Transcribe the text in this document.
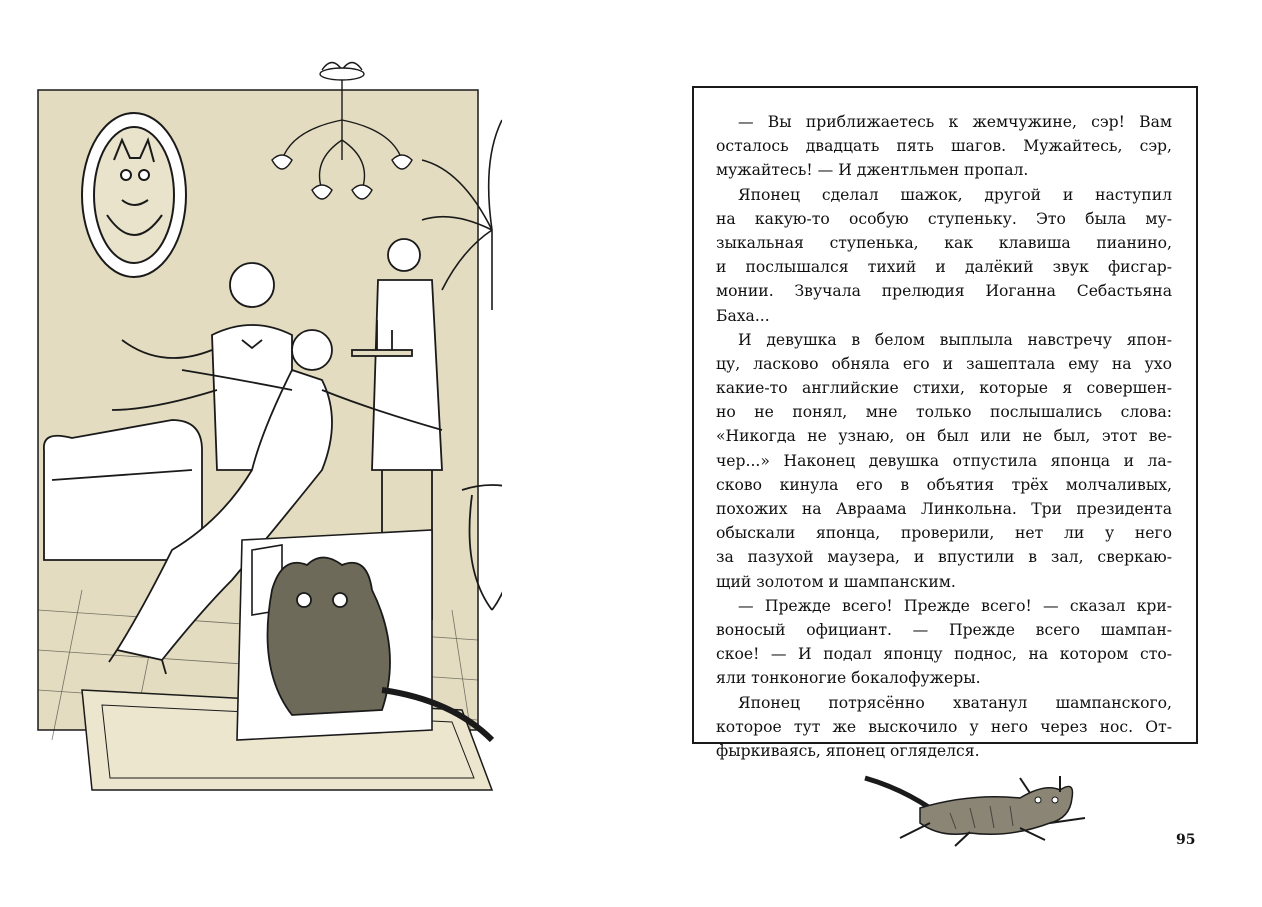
— Вы приближаетесь к жемчужине, сэр! Вам
осталось двадцать пять шагов. Мужайтесь, сэр,
мужайтесь! — И джентльмен пропал.
Японец сделал шажок, другой и наступил
на какую-то особую ступеньку. Это была му-
зыкальная ступенька, как клавиша пианино,
и послышался тихий и далёкий звук фисгар-
монии. Звучала прелюдия Иоганна Себастьяна
Баха...
И девушка в белом выплыла навстречу япон-
цу, ласково обняла его и зашептала ему на ухо
какие-то английские стихи, которые я совершен-
но не понял, мне только послышались слова:
«Никогда не узнаю, он был или не был, этот ве-
чер...» Наконец девушка отпустила японца и ла-
сково кинула его в объятия трёх молчаливых,
похожих на Авраама Линкольна. Три президента
обыскали японца, проверили, нет ли у него
за пазухой маузера, и впустили в зал, сверкаю-
щий золотом и шампанским.
— Прежде всего! Прежде всего! — сказал кри-
воносый официант. — Прежде всего шампан-
ское! — И подал японцу поднос, на котором сто-
яли тонконогие бокалофужеры.
Японец потрясённо хватанул шампанского,
которое тут же выскочило у него через нос. От-
фыркиваясь, японец огляделся.
95
